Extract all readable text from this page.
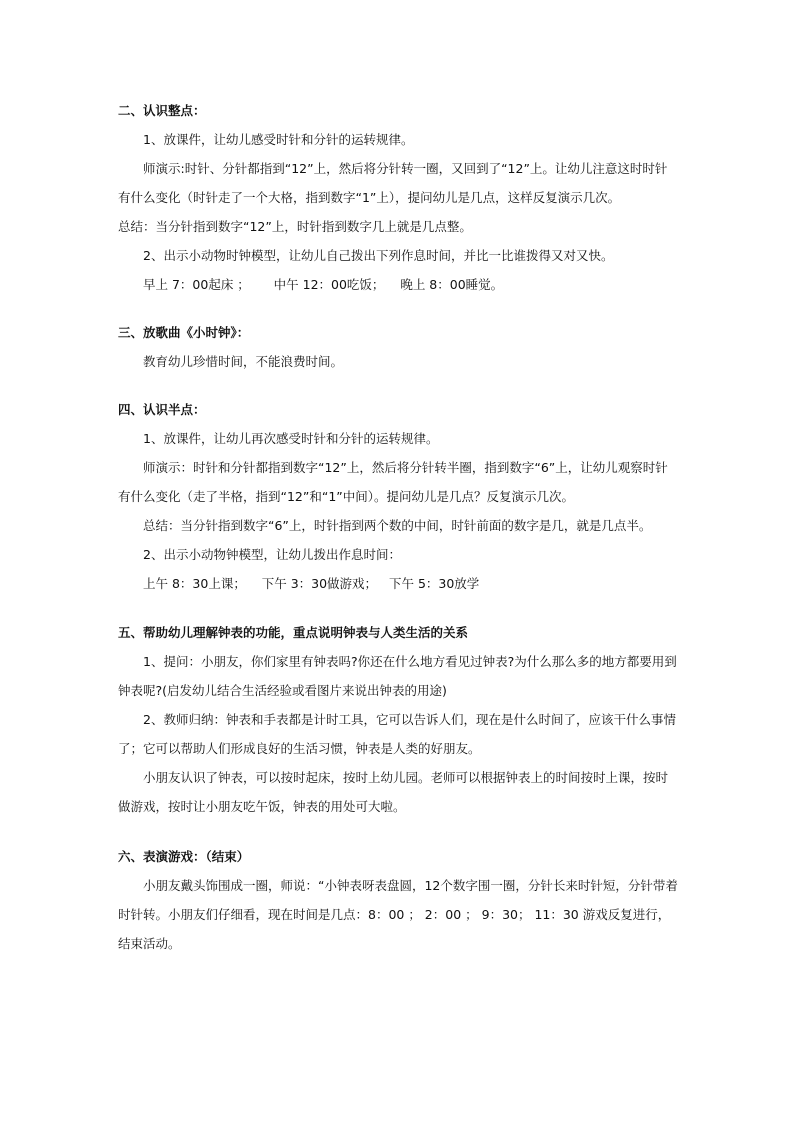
二、认识整点：

1、放课件，让幼儿感受时针和分针的运转规律。

师演示:时针、分针都指到“12”上，然后将分针转一圈，又回到了“12”上。让幼儿注意这时时针有什么变化（时针走了一个大格，指到数字“1”上），提问幼儿是几点，这样反复演示几次。

总结：当分针指到数字“12”上，时针指到数字几上就是几点整。

2、出示小动物时钟模型，让幼儿自己拨出下列作息时间，并比一比谁拨得又对又快。

早上 7：00起床 ；      中午 12：00吃饭；    晚上 8：00睡觉。

三、放歌曲《小时钟》：

教育幼儿珍惜时间，不能浪费时间。

四、认识半点：

1、放课件，让幼儿再次感受时针和分针的运转规律。

师演示：时针和分针都指到数字“12”上，然后将分针转半圈，指到数字“6”上，让幼儿观察时针有什么变化（走了半格，指到“12”和“1”中间）。提问幼儿是几点？反复演示几次。

总结：当分针指到数字“6”上，时针指到两个数的中间，时针前面的数字是几，就是几点半。

2、出示小动物钟模型，让幼儿拨出作息时间：

上午 8：30上课；    下午 3：30做游戏；   下午 5：30放学

五、帮助幼儿理解钟表的功能，重点说明钟表与人类生活的关系

1、提问：小朋友，你们家里有钟表吗?你还在什么地方看见过钟表?为什么那么多的地方都要用到钟表呢?(启发幼儿结合生活经验或看图片来说出钟表的用途)

2、教师归纳：钟表和手表都是计时工具，它可以告诉人们，现在是什么时间了，应该干什么事情了；它可以帮助人们形成良好的生活习惯，钟表是人类的好朋友。

小朋友认识了钟表，可以按时起床，按时上幼儿园。老师可以根据钟表上的时间按时上课，按时做游戏，按时让小朋友吃午饭，钟表的用处可大啦。

六、表演游戏：（结束）

小朋友戴头饰围成一圈，师说：“小钟表呀表盘圆，12个数字围一圈，分针长来时针短，分针带着时针转。小朋友们仔细看，现在时间是几点：8：00 ； 2：00 ； 9：30； 11：30 游戏反复进行，结束活动。
